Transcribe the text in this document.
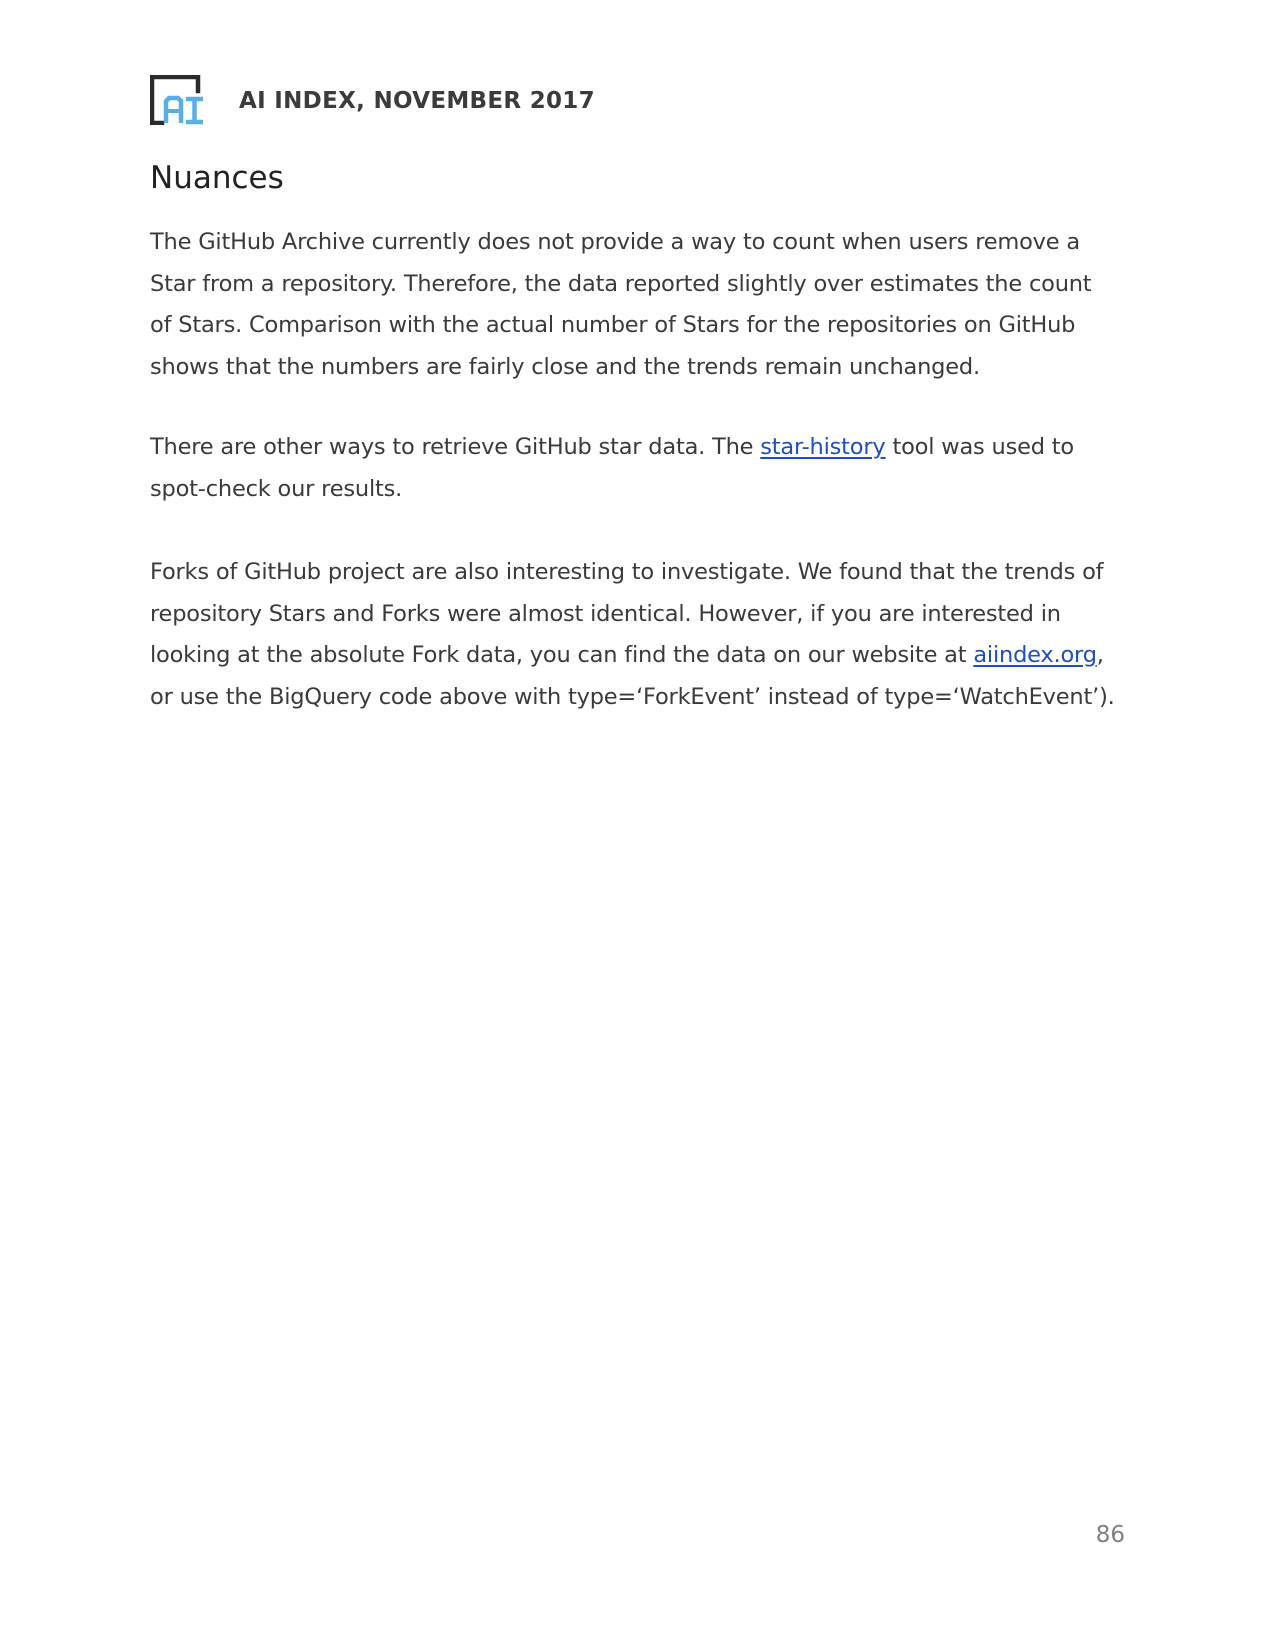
AI INDEX, NOVEMBER 2017
Nuances

The GitHub Archive currently does not provide a way to count when users remove a
Star from a repository. Therefore, the data reported slightly over estimates the count
of Stars. Comparison with the actual number of Stars for the repositories on GitHub
shows that the numbers are fairly close and the trends remain unchanged.

There are other ways to retrieve GitHub star data. The star-history tool was used to
spot-check our results.

Forks of GitHub project are also interesting to investigate. We found that the trends of
repository Stars and Forks were almost identical. However, if you are interested in
looking at the absolute Fork data, you can find the data on our website at aiindex.org,
or use the BigQuery code above with type=‘ForkEvent’ instead of type=‘WatchEvent’).

86
